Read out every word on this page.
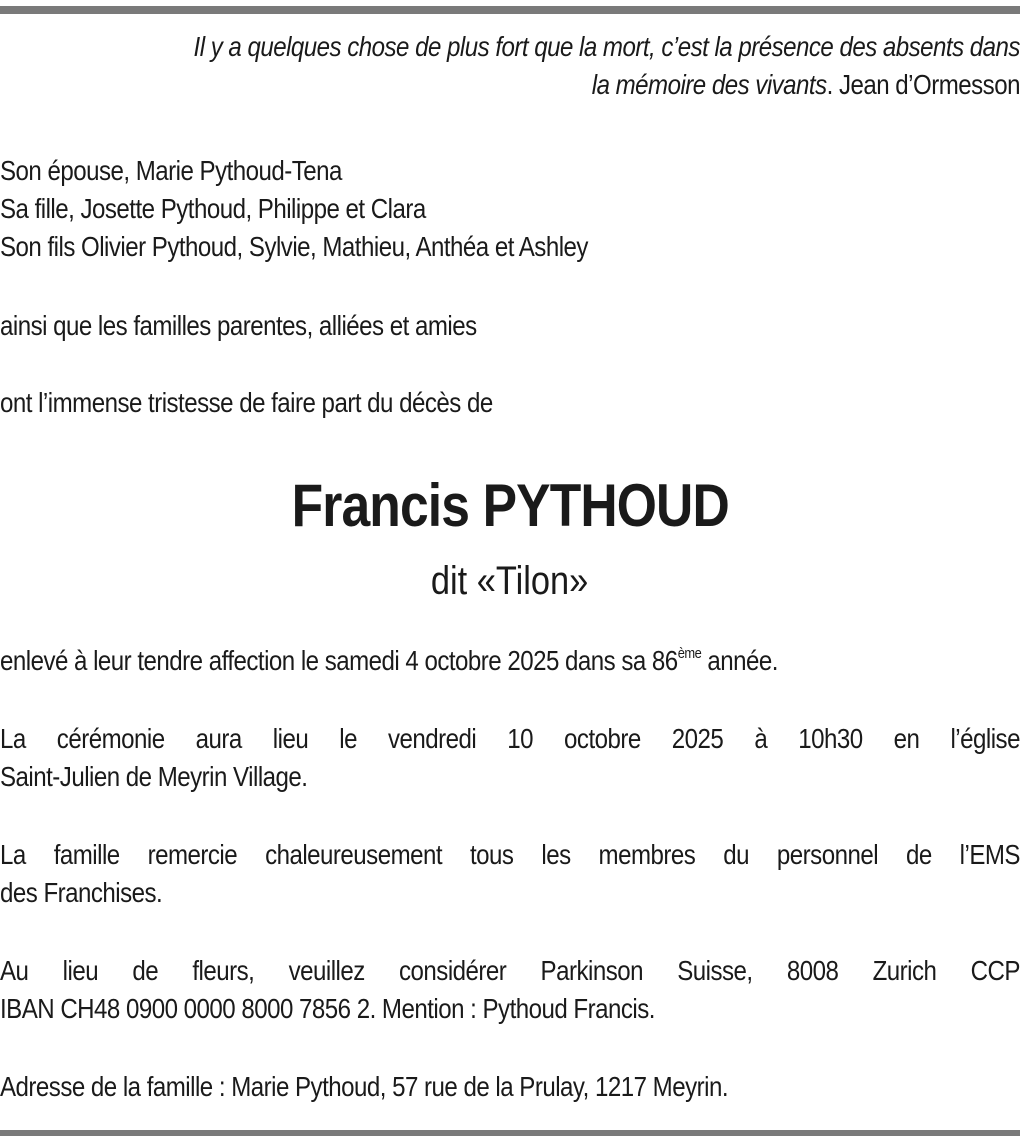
Il y a quelques chose de plus fort que la mort, c’est la présence des absents dans
la mémoire des vivants. Jean d’Ormesson

Son épouse, Marie Pythoud-Tena

Sa fille, Josette Pythoud, Philippe et Clara

Son fils Olivier Pythoud, Sylvie, Mathieu, Anthéa et Ashley

ainsi que les familles parentes, alliées et amies
ont l’immense tristesse de faire part du décès de
Francis PYTHOUD
dit «Tilon»
enlevé à leur tendre affection le samedi 4 octobre 2025 dans sa 86ème année.
La cérémonie aura lieu le vendredi 10 octobre 2025 à 10h30 en l’église
Saint-Julien de Meyrin Village.
La famille remercie chaleureusement tous les membres du personnel de l’EMS
des Franchises.
Au lieu de fleurs, veuillez considérer Parkinson Suisse, 8008 Zurich CCP
IBAN CH48 0900 0000 8000 7856 2. Mention : Pythoud Francis.
Adresse de la famille : Marie Pythoud, 57 rue de la Prulay, 1217 Meyrin.
